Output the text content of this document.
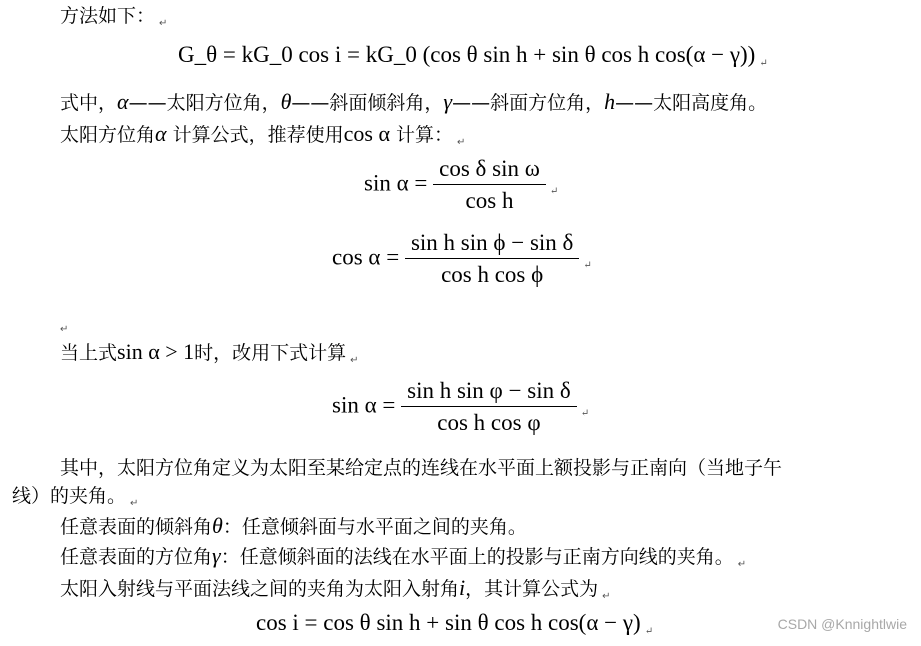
方法如下： $_↵$
G_θ = kG_0 cos i = kG_0 (cos θ sin h + sin θ cos h cos(α − γ)) ↵
式中，α——太阳方位角，θ——斜面倾斜角，γ——斜面方位角，h——太阳高度角。
太阳方位角α 计算公式，推荐使用cos α 计算： $_↵$
$\sin \alpha = \frac{\text{cos δ sin ω}}{\text{cos h}}$ ↵
$\cos \alpha = \frac{\text{sin h sin ϕ − sin δ}}{\text{cos h cos ϕ}}$ ↵
$_↵$
当上式sin α > 1时，改用下式计算 $_↵$
$\sin \alpha = \frac{\text{sin h sin φ − sin δ}}{\text{cos h cos φ}}$ ↵
其中，太阳方位角定义为太阳至某给定点的连线在水平面上额投影与正南向（当地子午
线）的夹角。 $_↵$
任意表面的倾斜角θ：任意倾斜面与水平面之间的夹角。
任意表面的方位角γ：任意倾斜面的法线在水平面上的投影与正南方向线的夹角。 $_↵$
太阳入射线与平面法线之间的夹角为太阳入射角i，其计算公式为 $_↵$
cos i = cos θ sin h + sin θ cos h cos(α − γ) ↵	CSDN @Knnightlwie
